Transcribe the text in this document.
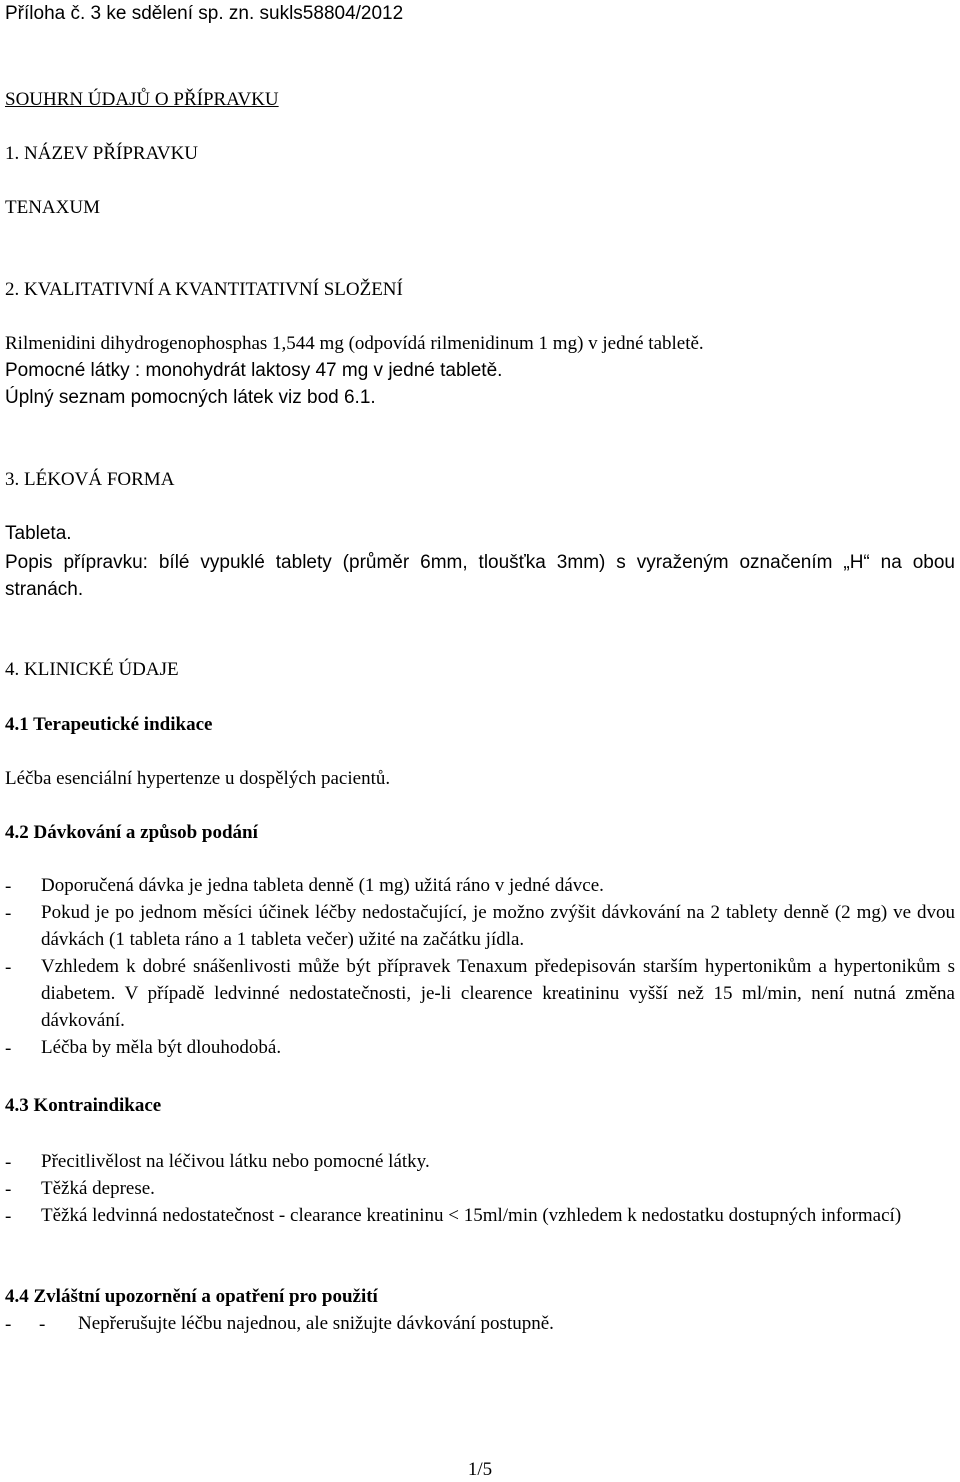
Příloha č. 3 ke sdělení sp. zn. sukls58804/2012
SOUHRN ÚDAJŮ O PŘÍPRAVKU
1. NÁZEV PŘÍPRAVKU
TENAXUM
2. KVALITATIVNÍ A KVANTITATIVNÍ SLOŽENÍ
Rilmenidini dihydrogenophosphas 1,544 mg (odpovídá rilmenidinum 1 mg) v jedné tabletě.
Pomocné látky : monohydrát laktosy 47 mg v jedné tabletě.
Úplný seznam pomocných látek viz bod 6.1.
3. LÉKOVÁ FORMA
Tableta.
Popis přípravku: bílé vypuklé tablety (průměr 6mm, tloušťka 3mm) s vyraženým označením „H“ na obou stranách.
4. KLINICKÉ ÚDAJE
4.1 Terapeutické indikace
Léčba esenciální hypertenze u dospělých pacientů.
4.2 Dávkování a způsob podání
- Doporučená dávka je jedna tableta denně (1 mg) užitá ráno v jedné dávce.
- Pokud je po jednom měsíci účinek léčby nedostačující, je možno zvýšit dávkování na 2 tablety denně (2 mg) ve dvou dávkách (1 tableta ráno a 1 tableta večer) užité na začátku jídla.
- Vzhledem k dobré snášenlivosti může být přípravek Tenaxum předepisován starším hypertonikům a hypertonikům s diabetem. V případě ledvinné nedostatečnosti, je-li clearence kreatininu vyšší než 15 ml/min, není nutná změna dávkování.
- Léčba by měla být dlouhodobá.
4.3 Kontraindikace
- Přecitlivělost na léčivou látku nebo pomocné látky.
- Těžká deprese.
- Těžká ledvinná nedostatečnost - clearance kreatininu < 15ml/min (vzhledem k nedostatku dostupných informací)
4.4 Zvláštní upozornění a opatření pro použití
- - Nepřerušujte léčbu najednou, ale snižujte dávkování postupně.
1/5
